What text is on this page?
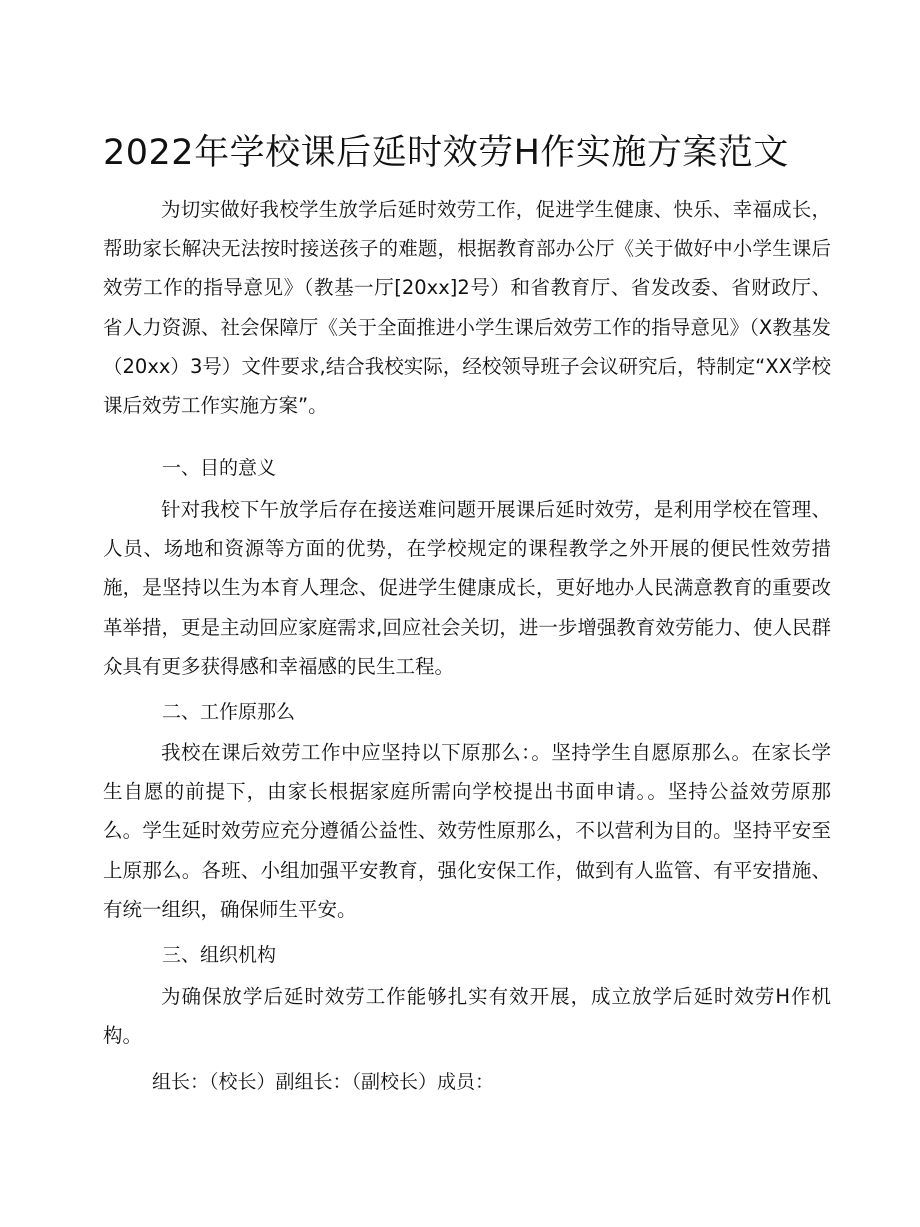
2022年学校课后延时效劳H作实施方案范文

为切实做好我校学生放学后延时效劳工作，促进学生健康、快乐、幸福成长，帮助家长解决无法按时接送孩子的难题，根据教育部办公厅《关于做好中小学生课后效劳工作的指导意见》（教基一厅[20xx]2号）和省教育厅、省发改委、省财政厅、省人力资源、社会保障厅《关于全面推进小学生课后效劳工作的指导意见》（X教基发（20xx）3号）文件要求,结合我校实际，经校领导班子会议研究后，特制定“XX学校课后效劳工作实施方案”。

一、目的意义

针对我校下午放学后存在接送难问题开展课后延时效劳，是利用学校在管理、人员、场地和资源等方面的优势，在学校规定的课程教学之外开展的便民性效劳措施，是坚持以生为本育人理念、促进学生健康成长，更好地办人民满意教育的重要改革举措，更是主动回应家庭需求,回应社会关切，进一步增强教育效劳能力、使人民群众具有更多获得感和幸福感的民生工程。

二、工作原那么

我校在课后效劳工作中应坚持以下原那么：。坚持学生自愿原那么。在家长学生自愿的前提下，由家长根据家庭所需向学校提出书面申请。。坚持公益效劳原那么。学生延时效劳应充分遵循公益性、效劳性原那么，不以营利为目的。坚持平安至上原那么。各班、小组加强平安教育，强化安保工作，做到有人监管、有平安措施、有统一组织，确保师生平安。

三、组织机构

为确保放学后延时效劳工作能够扎实有效开展，成立放学后延时效劳H作机构。

组长：（校长）副组长：（副校长）成员：
